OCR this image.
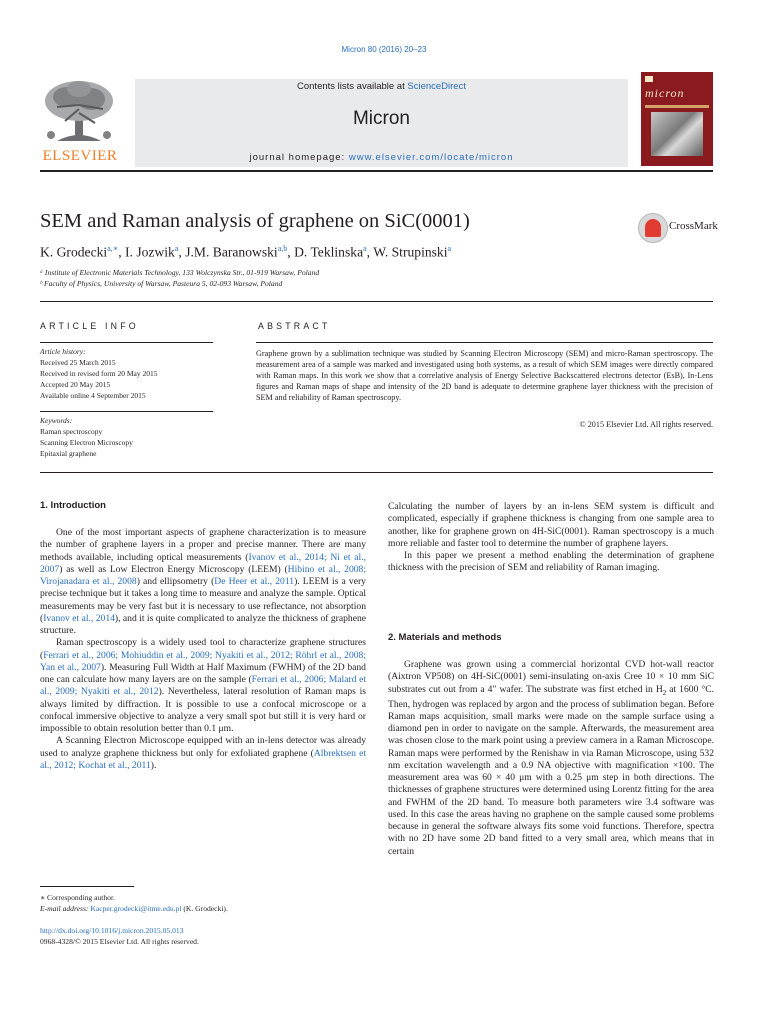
Micron 80 (2016) 20–23
ELSEVIER
Contents lists available at ScienceDirect
Micron
journal homepage: www.elsevier.com/locate/micron
micron
SEM and Raman analysis of graphene on SiC(0001)	CrossMark
K. Grodecki$^{a,∗}$, I. Jozwik$^a$, J.M. Baranowski$^{a,b}$, D. Teklinska$^a$, W. Strupinski$^a$
ᵃ Institute of Electronic Materials Technology, 133 Wolczynska Str., 01-919 Warsaw, Poland
ᵇ Faculty of Physics, University of Warsaw, Pasteura 5, 02-093 Warsaw, Poland
ARTICLE INFO	ABSTRACT
Article history:
Received 25 March 2015
Received in revised form 20 May 2015
Accepted 20 May 2015
Available online 4 September 2015
Keywords:
Raman spectroscopy
Scanning Electron Microscopy
Epitaxial graphene
Graphene grown by a sublimation technique was studied by Scanning Electron Microscopy (SEM) and micro-Raman spectroscopy. The measurement area of a sample was marked and investigated using both systems, as a result of which SEM images were directly compared with Raman maps. In this work we show that a correlative analysis of Energy Selective Backscattered electrons detector (EsB), In-Lens figures and Raman maps of shape and intensity of the 2D band is adequate to determine graphene layer thickness with the precision of SEM and reliability of Raman spectroscopy.
© 2015 Elsevier Ltd. All rights reserved.
1. Introduction

One of the most important aspects of graphene characterization is to measure the number of graphene layers in a proper and precise manner. There are many methods available, including optical measurements (Ivanov et al., 2014; Ni et al., 2007) as well as Low Electron Energy Microscopy (LEEM) (Hibino et al., 2008; Virojanadara et al., 2008) and ellipsometry (De Heer et al., 2011). LEEM is a very precise technique but it takes a long time to measure and analyze the sample. Optical measurements may be very fast but it is necessary to use reflectance, not absorption (Ivanov et al., 2014), and it is quite complicated to analyze the thickness of graphene structure.

Raman spectroscopy is a widely used tool to characterize graphene structures (Ferrari et al., 2006; Mohiuddin et al., 2009; Nyakiti et al., 2012; Röhrl et al., 2008; Yan et al., 2007). Measuring Full Width at Half Maximum (FWHM) of the 2D band one can calculate how many layers are on the sample (Ferrari et al., 2006; Malard et al., 2009; Nyakiti et al., 2012). Nevertheless, lateral resolution of Raman maps is always limited by diffraction. It is possible to use a confocal microscope or a confocal immersive objective to analyze a very small spot but still it is very hard or impossible to obtain resolution better than 0.1 μm.

A Scanning Electron Microscope equipped with an in-lens detector was already used to analyze graphene thickness but only for exfoliated graphene (Albrektsen et al., 2012; Kochat et al., 2011).

Calculating the number of layers by an in-lens SEM system is difficult and complicated, especially if graphene thickness is changing from one sample area to another, like for graphene grown on 4H-SiC(0001). Raman spectroscopy is a much more reliable and faster tool to determine the number of graphene layers.

In this paper we present a method enabling the determination of graphene thickness with the precision of SEM and reliability of Raman imaging.

2. Materials and methods

Graphene was grown using a commercial horizontal CVD hot-wall reactor (Aixtron VP508) on 4H-SiC(0001) semi-insulating on-axis Cree 10 × 10 mm SiC substrates cut out from a 4″ wafer. The substrate was first etched in $H_2$ at 1600 °C. Then, hydrogen was replaced by argon and the process of sublimation began. Before Raman maps acquisition, small marks were made on the sample surface using a diamond pen in order to navigate on the sample. Afterwards, the measurement area was chosen close to the mark point using a preview camera in a Raman Microscope. Raman maps were performed by the Renishaw in via Raman Microscope, using 532 nm excitation wavelength and a 0.9 NA objective with magnification ×100. The measurement area was 60 × 40 μm with a 0.25 μm step in both directions. The thicknesses of graphene structures were determined using Lorentz fitting for the area and FWHM of the 2D band. To measure both parameters wire 3.4 software was used. In this case the areas having no graphene on the sample caused some problems because in general the software always fits some void functions. Therefore, spectra with no 2D have some 2D band fitted to a very small area, which means that in certain

∗ Corresponding author.
E-mail address: Kacper.grodecki@itme.edu.pl (K. Grodecki).
http://dx.doi.org/10.1016/j.micron.2015.05.013
0968-4328/© 2015 Elsevier Ltd. All rights reserved.
